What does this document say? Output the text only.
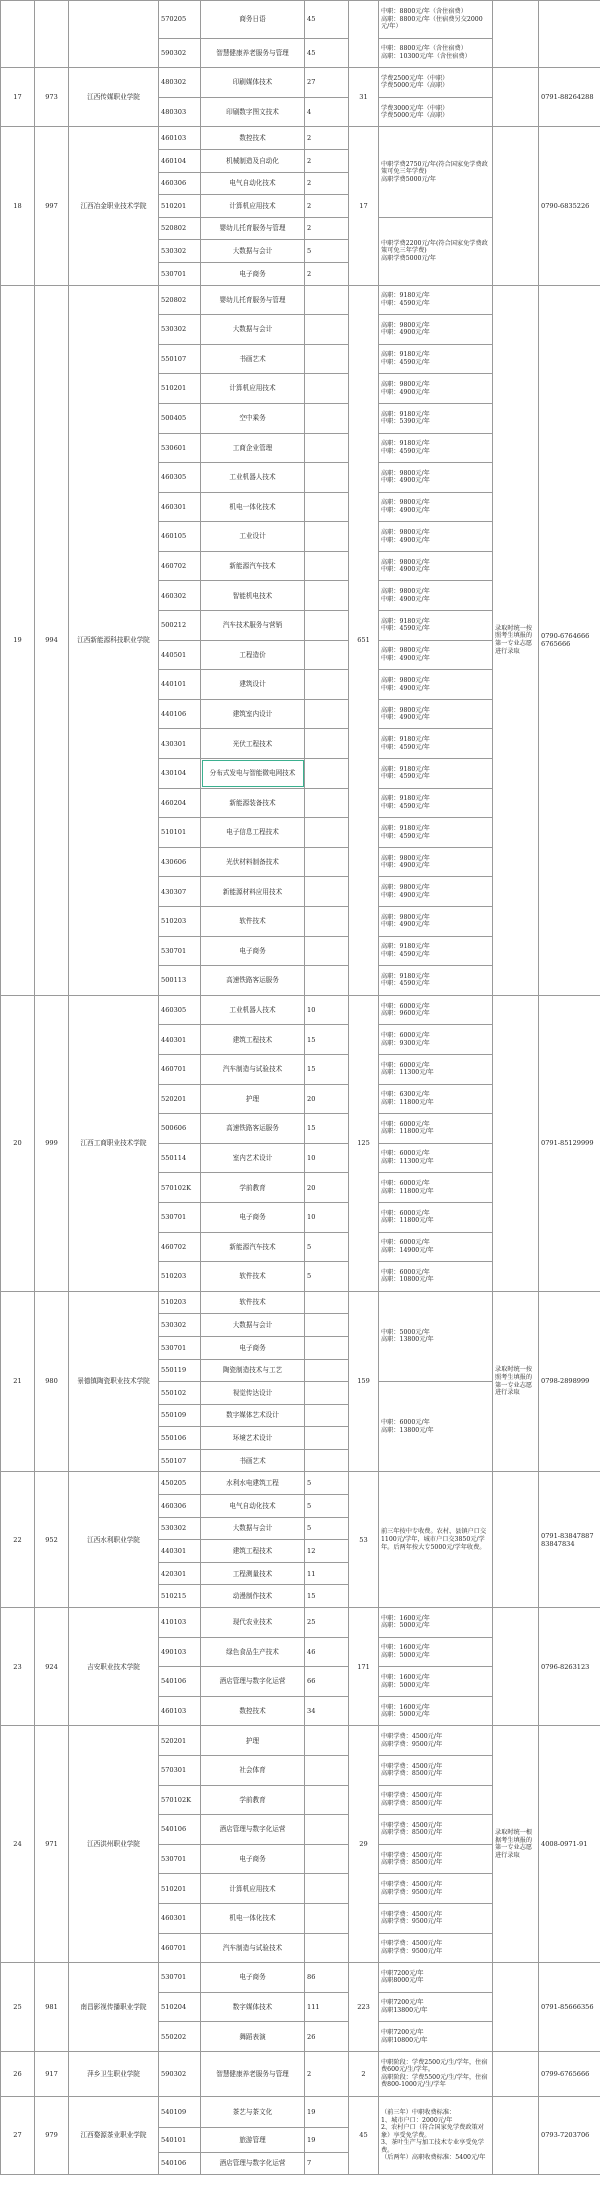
			570205	商务日语	45		中职：8800元/年（含住宿费）
高职：8800元/年（住宿费另交2000元/年）		
			590302	智慧健康养老服务与管理	45		中职：8800元/年（含住宿费）
高职：10300元/年（含住宿费）		
17	973	江西传媒职业学院	480302	印刷媒体技术	27	31	学费2500元/年（中职）
学费5000元/年（高职）		0791-88264288
			480303	印刷数字图文技术	4		学费3000元/年（中职）
学费5000元/年（高职）		
18	997	江西冶金职业技术学院	460103	数控技术	2	17	中职学费2750元/年(符合国家免学费政策可免三年学费)
高职学费5000元/年		0790-6835226
			460104	机械制造及自动化	2				
			460306	电气自动化技术	2				
			510201	计算机应用技术	2				
			520802	婴幼儿托育服务与管理	2		中职学费2200元/年(符合国家免学费政策可免三年学费)
高职学费5000元/年		
			530302	大数据与会计	5				
			530701	电子商务	2				
19	994	江西新能源科技职业学院	520802	婴幼儿托育服务与管理		651	高职：9180元/年
中职：4590元/年	录取时统一按照考生填报的第一专业志愿进行录取	0790-6764666
6765666
			530302	大数据与会计			高职：9800元/年
中职：4900元/年		
			550107	书画艺术			高职：9180元/年
中职：4590元/年		
			510201	计算机应用技术			高职：9800元/年
中职：4900元/年		
			500405	空中乘务			高职：9180元/年
中职：5390元/年		
			530601	工商企业管理			高职：9180元/年
中职：4590元/年		
			460305	工业机器人技术			高职：9800元/年
中职：4900元/年		
			460301	机电一体化技术			高职：9800元/年
中职：4900元/年		
			460105	工业设计			高职：9800元/年
中职：4900元/年		
			460702	新能源汽车技术			高职：9800元/年
中职：4900元/年		
			460302	智能机电技术			高职：9800元/年
中职：4900元/年		
			500212	汽车技术服务与营销			高职：9180元/年
中职：4590元/年		
			440501	工程造价			高职：9800元/年
中职：4900元/年		
			440101	建筑设计			高职：9800元/年
中职：4900元/年		
			440106	建筑室内设计			高职：9800元/年
中职：4900元/年		
			430301	光伏工程技术			高职：9180元/年
中职：4590元/年		
			430104	分布式发电与智能微电网技术			高职：9180元/年
中职：4590元/年		
			460204	新能源装备技术			高职：9180元/年
中职：4590元/年		
			510101	电子信息工程技术			高职：9180元/年
中职：4590元/年		
			430606	光伏材料制备技术			高职：9800元/年
中职：4900元/年		
			430307	新能源材料应用技术			高职：9800元/年
中职：4900元/年		
			510203	软件技术			高职：9800元/年
中职：4900元/年		
			530701	电子商务			高职：9180元/年
中职：4590元/年		
			500113	高速铁路客运服务			高职：9180元/年
中职：4590元/年		
20	999	江西工商职业技术学院	460305	工业机器人技术	10	125	中职：6000元/年
高职：9600元/年		0791-85129999
			440301	建筑工程技术	15		中职：6000元/年
高职：9300元/年		
			460701	汽车制造与试验技术	15		中职：6000元/年
高职：11300元/年		
			520201	护理	20		中职：6300元/年
高职：11800元/年		
			500606	高速铁路客运服务	15		中职：6000元/年
高职：11800元/年		
			550114	室内艺术设计	10		中职：6000元/年
高职：11300元/年		
			570102K	学前教育	20		中职：6000元/年
高职：11800元/年		
			530701	电子商务	10		中职：6000元/年
高职：11800元/年		
			460702	新能源汽车技术	5		中职：6000元/年
高职：14900元/年		
			510203	软件技术	5		中职：6000元/年
高职：10800元/年		
21	980	景德镇陶瓷职业技术学院	510203	软件技术		159	中职：5000元/年
高职：13800元/年	录取时统一按照考生填报的第一专业志愿进行录取	0798-2898999
			530302	大数据与会计					
			530701	电子商务					
			550119	陶瓷制造技术与工艺					
			550102	视觉传达设计			中职：6000元/年
高职：13800元/年		
			550109	数字媒体艺术设计					
			550106	环境艺术设计					
			550107	书画艺术					
22	952	江西水利职业学院	450205	水利水电建筑工程	5	53	前三年按中专收费。农村、县镇户口交1100元/学年，城市户口交3850元/学年。后两年按大专5000元/学年收费。		0791-83847887
83847834
			460306	电气自动化技术	5				
			530302	大数据与会计	5				
			440301	建筑工程技术	12				
			420301	工程测量技术	11				
			510215	动漫制作技术	15				
23	924	吉安职业技术学院	410103	现代农业技术	25	171	中职：1600元/年
高职：5000元/年		0796-8263123
			490103	绿色食品生产技术	46		中职：1600元/年
高职：5000元/年		
			540106	酒店管理与数字化运营	66		中职：1600元/年
高职：5000元/年		
			460103	数控技术	34		中职：1600元/年
高职：5000元/年		
24	971	江西洪州职业学院	520201	护理		29	中职学费：4500元/年
高职学费：9500元/年	录取时统一根据考生填报的第一专业志愿进行录取	4008-0971-91
			570301	社会体育			中职学费：4500元/年
高职学费：8500元/年		
			570102K	学前教育			中职学费：4500元/年
高职学费：8500元/年		
			540106	酒店管理与数字化运营			中职学费：4500元/年
高职学费：8500元/年		
			530701	电子商务			中职学费：4500元/年
高职学费：8500元/年		
			510201	计算机应用技术			中职学费：4500元/年
高职学费：9500元/年		
			460301	机电一体化技术			中职学费：4500元/年
高职学费：9500元/年		
			460701	汽车制造与试验技术			中职学费：4500元/年
高职学费：9500元/年		
25	981	南昌影视传播职业学院	530701	电子商务	86	223	中职7200元/年
高职8000元/年		0791-85666356
			510204	数字媒体技术	111		中职7200元/年
高职13800元/年		
			550202	舞蹈表演	26		中职7200元/年
高职10800元/年		
26	917	萍乡卫生职业学院	590302	智慧健康养老服务与管理	2	2	中职阶段：学费2500元/生/学年，住宿费600元/生/学年。
高职阶段：学费5500元/生/学年，住宿费800-1000元/生/学年		0799-6765666
27	979	江西婺源茶业职业学院	540109	茶艺与茶文化	19	45	（前三年）中职收费标准：
1、城市户口：2000元/年
2、农村户口（符合国家免学费政策对象）享受免学费。
3、茶叶生产与加工技术专业享受免学费。
（后两年）高职收费标准：5400元/年		0793-7203706
			540101	旅游管理	19				
			540106	酒店管理与数字化运营	7				
